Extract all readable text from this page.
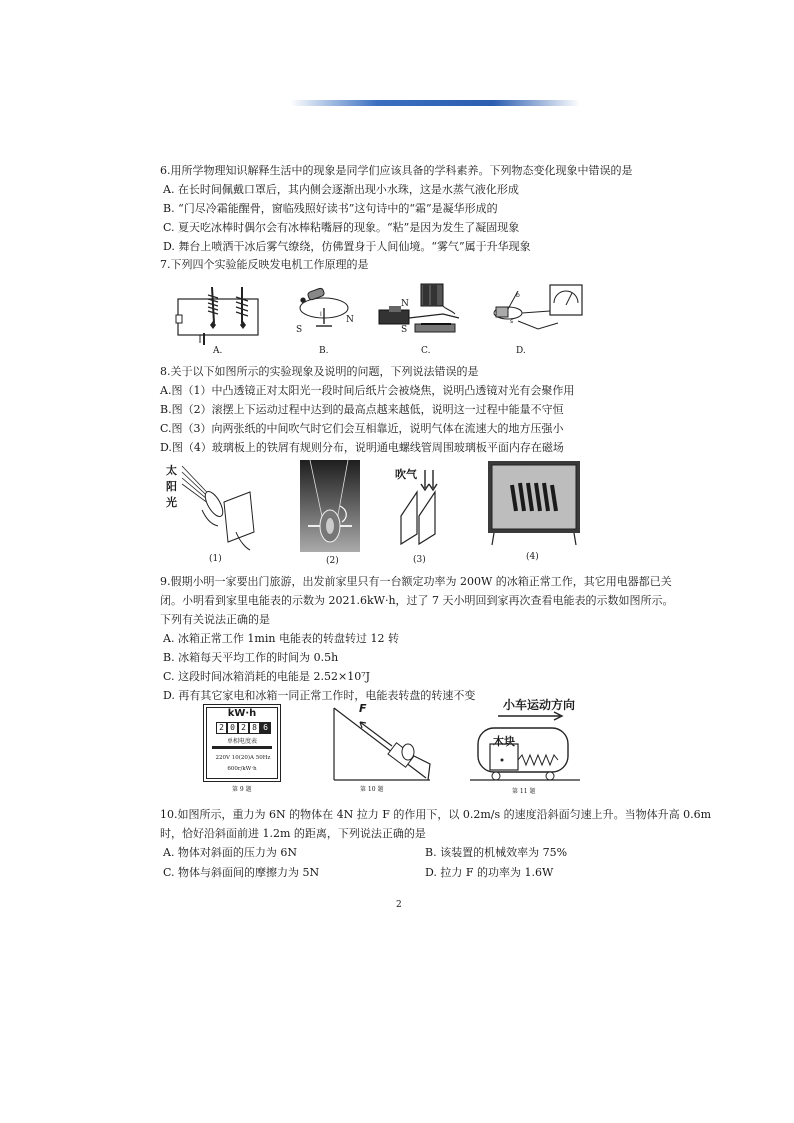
6.用所学物理知识解释生活中的现象是同学们应该具备的学科素养。下列物态变化现象中错误的是
A. 在长时间佩戴口罩后，其内侧会逐渐出现小水珠，这是水蒸气液化形成
B. “门尽冷霜能醒骨，窗临残照好读书”这句诗中的“霜”是凝华形成的
C. 夏天吃冰棒时偶尔会有冰棒粘嘴唇的现象。“粘”是因为发生了凝固现象
D. 舞台上喷洒干冰后雾气缭绕，仿佛置身于人间仙境。“雾气”属于升华现象
7.下列四个实验能反映发电机工作原理的是
A.
I
●
S
N
B.
N
S
C.
b
s
D.
8.关于以下如图所示的实验现象及说明的问题，下列说法错误的是
A.图（1）中凸透镜正对太阳光一段时间后纸片会被烧焦，说明凸透镜对光有会聚作用
B.图（2）滚摆上下运动过程中达到的最高点越来越低，说明这一过程中能量不守恒
C.图（3）向两张纸的中间吹气时它们会互相靠近，说明气体在流速大的地方压强小
D.图（4）玻璃板上的铁屑有规则分布，说明通电螺线管周围玻璃板平面内存在磁场
太
阳
光
(1)	(2)
吹气
(3)	(4)
9.假期小明一家要出门旅游，出发前家里只有一台额定功率为 200W 的冰箱正常工作，其它用电器都已关
闭。小明看到家里电能表的示数为 2021.6kW·h，过了 7 天小明回到家再次查看电能表的示数如图所示。
下列有关说法正确的是
A. 冰箱正常工作 1min 电能表的转盘转过 12 转
B. 冰箱每天平均工作的时间为 0.5h
C. 这段时间冰箱消耗的电能是 2.52×10⁷J
D. 再有其它家电和冰箱一同正常工作时，电能表转盘的转速不变
kW·h
2 0 2 8 6
单相电度表
220V 10(20)A 50Hz
600r/kW·h
第 9 题
F
第 10 题
小车运动方向
木块
第 11 题
10.如图所示，重力为 6N 的物体在 4N 拉力 F 的作用下，以 0.2m/s 的速度沿斜面匀速上升。当物体升高 0.6m
时，恰好沿斜面前进 1.2m 的距离，下列说法正确的是
A. 物体对斜面的压力为 6N	B. 该装置的机械效率为 75%
C. 物体与斜面间的摩擦力为 5N	D. 拉力 F 的功率为 1.6W
2
